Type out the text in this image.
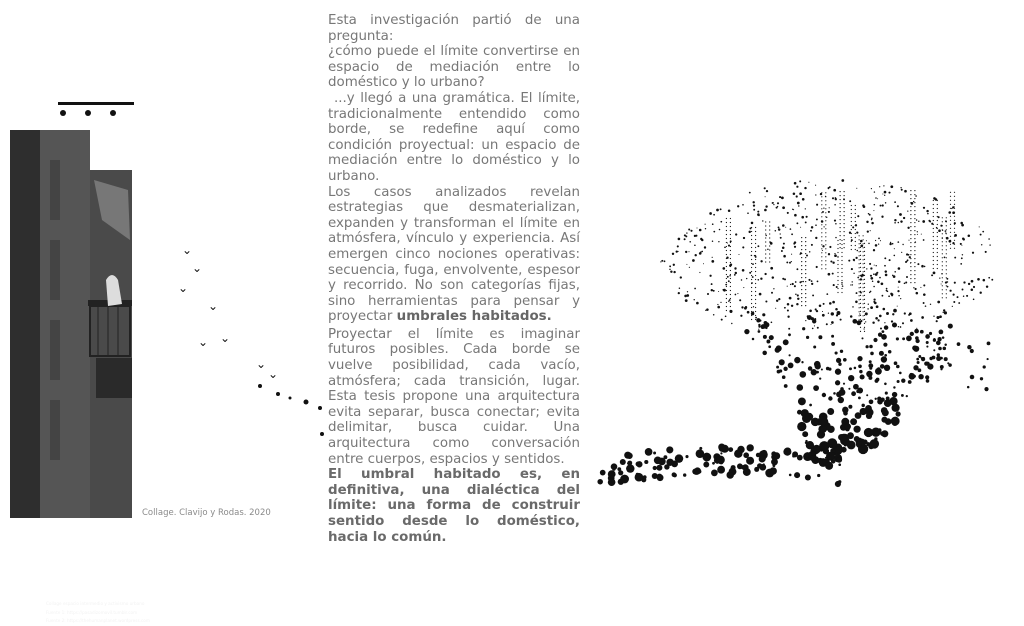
Collage espacio intermedio y activismo urbano
Fuente 1: https://pasadizomovil.tumblr.com
Fuente 2: https://thehumanplanet.wordpress.com
⌄
⌄
⌄
⌄
⌄ ⌄
⌄
⌄
Collage. Clavijo y Rodas. 2020

Esta investigación partió de una pregunta:

¿cómo puede el límite convertirse en espacio de mediación entre lo doméstico y lo urbano?

...y llegó a una gramática. El límite, tradicionalmente entendido como borde, se redefine aquí como condición proyectual: un espacio de mediación entre lo doméstico y lo urbano.

Los casos analizados revelan estrategias que desmaterializan, expanden y transforman el límite en atmósfera, vínculo y experiencia. Así emergen cinco nociones operativas: secuencia, fuga, envolvente, espesor y recorrido. No son categorías fijas, sino herramientas para pensar y proyectar umbrales habitados.

Proyectar el límite es imaginar futuros posibles. Cada borde se vuelve posibilidad, cada vacío, atmósfera; cada transición, lugar. Esta tesis propone una arquitectura evita separar, busca conectar; evita delimitar, busca cuidar. Una arquitectura como conversación entre cuerpos, espacios y sentidos.

El umbral habitado es, en definitiva, una dialéctica del límite: una forma de construir sentido desde lo doméstico, hacia lo común.
